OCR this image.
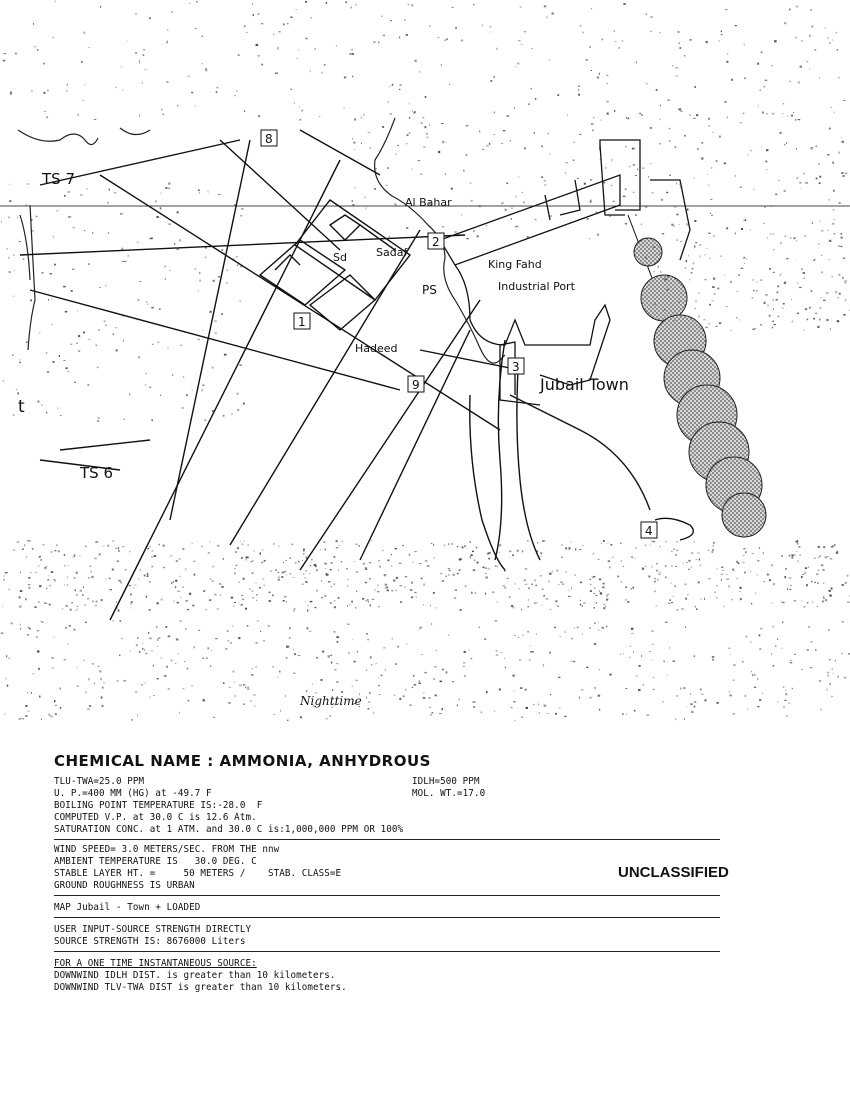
TS 7
TS 6
Al Bahar
Sd	Sadaf
King Fahd
Industrial Port
PS
Hadeed
Jubail Town
t
Nighttime
8
2
1
3
9
4
CHEMICAL NAME : AMMONIA, ANHYDROUS
TLU-TWA=25.0 PPM	IDLH=500 PPM
U. P.=400 MM (HG) at -49.7 F	MOL. WT.=17.0
BOILING POINT TEMPERATURE IS:-28.0  F
COMPUTED V.P. at 30.0 C is 12.6 Atm.
SATURATION CONC. at 1 ATM. and 30.0 C is:1,000,000 PPM OR 100%
WIND SPEED= 3.0 METERS/SEC. FROM THE nnw
AMBIENT TEMPERATURE IS   30.0 DEG. C
STABLE LAYER HT. =     50 METERS /    STAB. CLASS=E
GROUND ROUGHNESS IS URBAN
UNCLASSIFIED
MAP Jubail - Town + LOADED
USER INPUT-SOURCE STRENGTH DIRECTLY
SOURCE STRENGTH IS: 8676000 Liters
FOR A ONE TIME INSTANTANEOUS SOURCE:
DOWNWIND IDLH DIST. is greater than 10 kilometers.
DOWNWIND TLV-TWA DIST is greater than 10 kilometers.
